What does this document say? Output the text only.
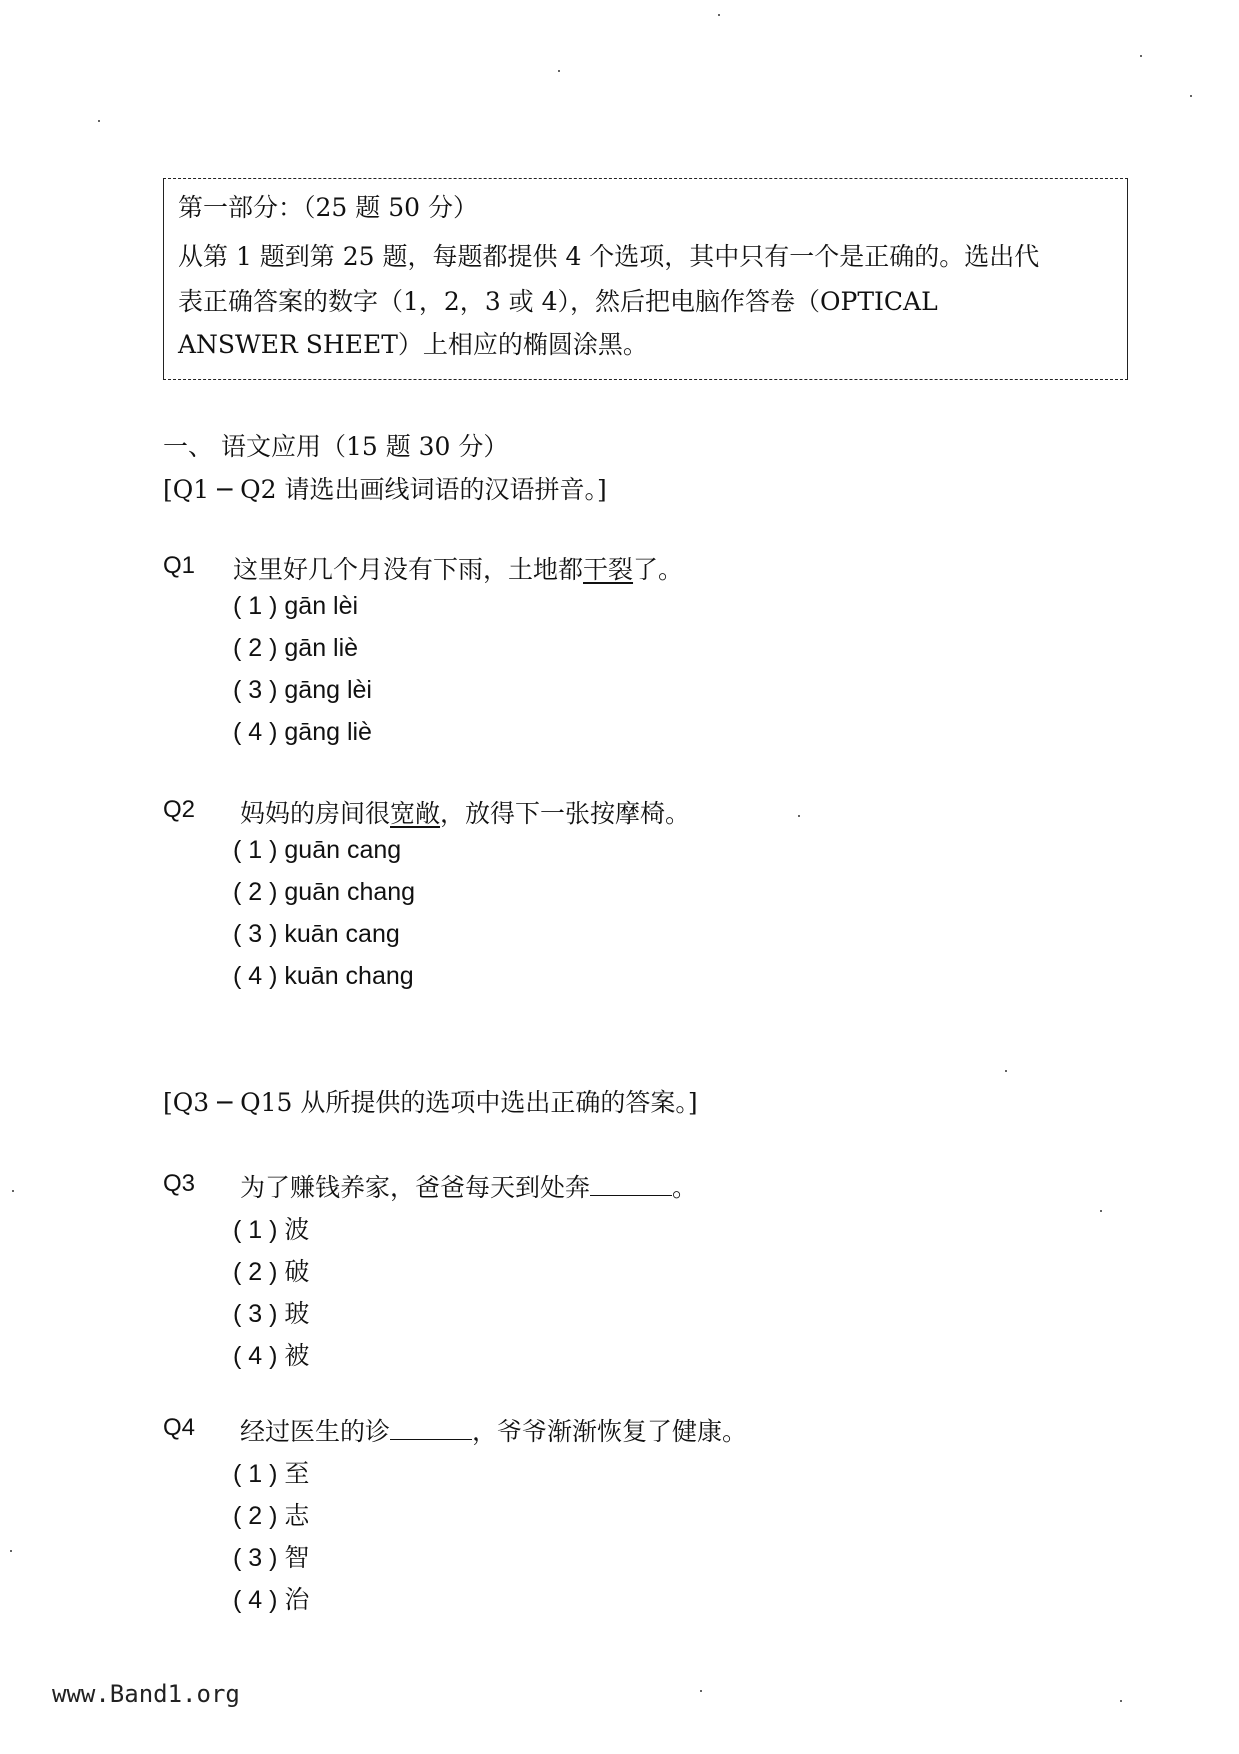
第一部分：（25 题 50 分）
从第 1 题到第 25 题，每题都提供 4 个选项，其中只有一个是正确的。选出代
表正确答案的数字（1，2，3 或 4），然后把电脑作答卷（OPTICAL
ANSWER SHEET）上相应的椭圆涂黑。
一、 语文应用（15 题 30 分）
[Q1 ─ Q2 请选出画线词语的汉语拼音。]
Q1 这里好几个月没有下雨，土地都干裂了。
( 1 ) gān lèi
( 2 ) gān liè
( 3 ) gāng lèi
( 4 ) gāng liè
Q2 妈妈的房间很宽敞，放得下一张按摩椅。
( 1 ) guān cang
( 2 ) guān chang
( 3 ) kuān cang
( 4 ) kuān chang
[Q3 ─ Q15 从所提供的选项中选出正确的答案。]
Q3 为了赚钱养家，爸爸每天到处奔	。
( 1 ) 波
( 2 ) 破
( 3 ) 玻
( 4 ) 被
Q4 经过医生的诊	，爷爷渐渐恢复了健康。
( 1 ) 至
( 2 ) 志
( 3 ) 智
( 4 ) 治
www.Band1.org
